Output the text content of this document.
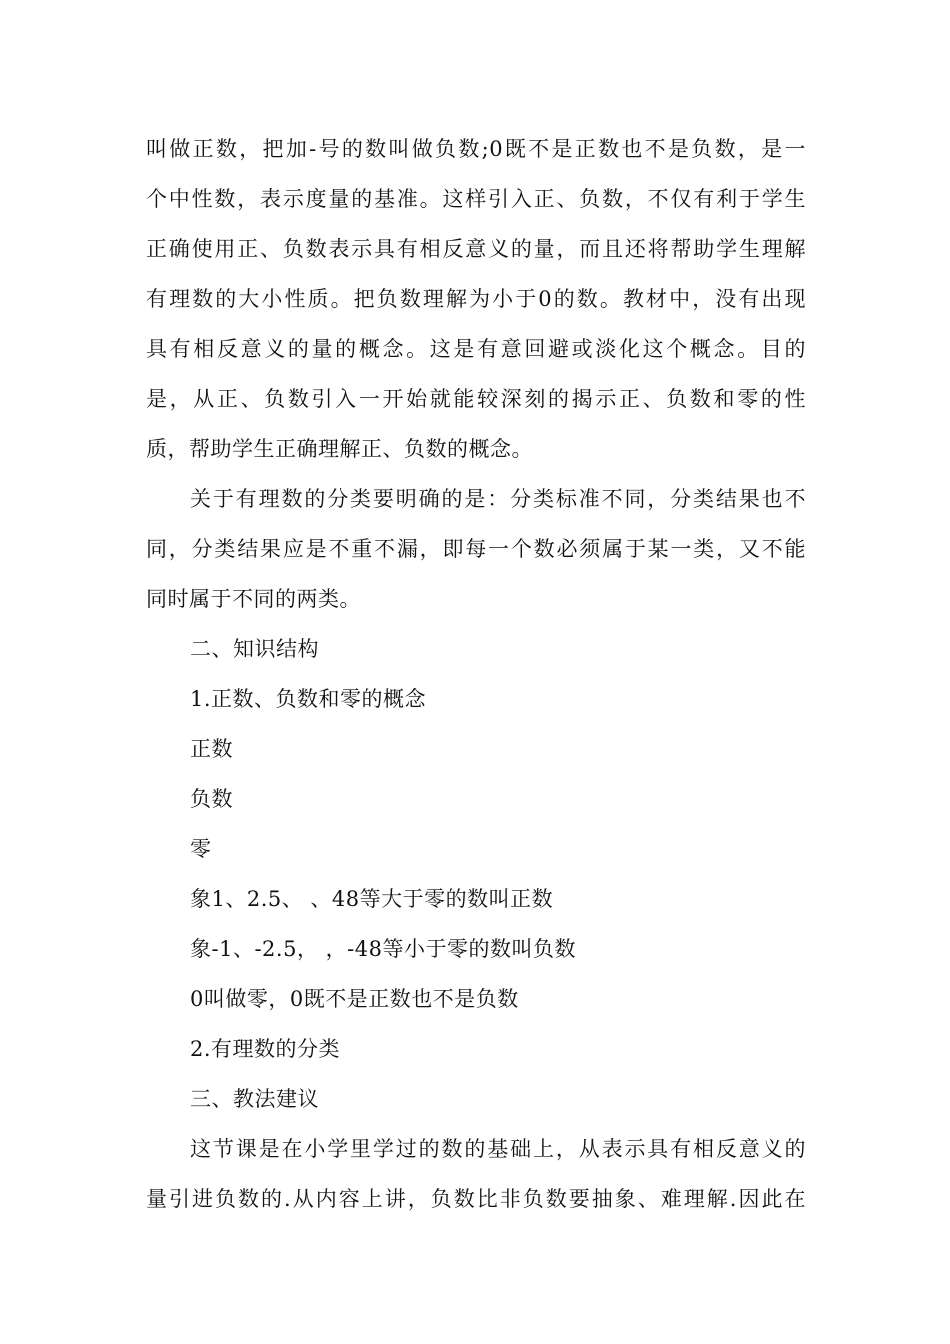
叫做正数，把加-号的数叫做负数;0既不是正数也不是负数，是一
个中性数，表示度量的基准。这样引入正、负数，不仅有利于学生
正确使用正、负数表示具有相反意义的量，而且还将帮助学生理解
有理数的大小性质。把负数理解为小于0的数。教材中，没有出现
具有相反意义的量的概念。这是有意回避或淡化这个概念。目的
是，从正、负数引入一开始就能较深刻的揭示正、负数和零的性
质，帮助学生正确理解正、负数的概念。
关于有理数的分类要明确的是：分类标准不同，分类结果也不
同，分类结果应是不重不漏，即每一个数必须属于某一类，又不能
同时属于不同的两类。
二、知识结构
1.正数、负数和零的概念
正数
负数
零
象1、2.5、 、48等大于零的数叫正数
象-1、-2.5， ，-48等小于零的数叫负数
0叫做零，0既不是正数也不是负数
2.有理数的分类
三、教法建议
这节课是在小学里学过的数的基础上，从表示具有相反意义的
量引进负数的.从内容上讲，负数比非负数要抽象、难理解.因此在
